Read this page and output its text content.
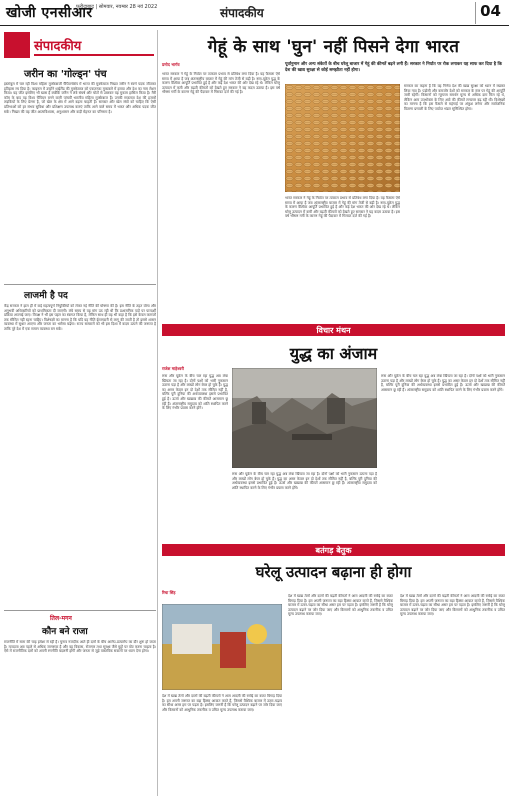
खोजी एनसीआर
फरीदाबाद | सोमवार, नवम्बर 28 नवं 2022	संपादकीय	04
संपादकीय
जरीन का 'गोल्ड्न' पंच
इस्तांबुल में चल रही विश्व महिला मुक्केबाजी चैंपियनशिप में भारत की मुक्केबाज निखत जरीन ने स्वर्ण पदक जीतकर इतिहास रच दिया है। फाइनल में उन्होंने थाईलैंड की मुक्केबाज को एकतरफा मुकाबले में हराया और देश का नाम रोशन किया। यह जीत इसलिए भी खास है क्योंकि जरीन ने लंबे संघर्ष और चोटों से उबरकर यह मुकाम हासिल किया है। मैरी कॉम के बाद वह विश्व चैंपियन बनने वाली पांचवीं भारतीय महिला मुक्केबाज हैं। उनकी सफलता देश की हजारों लड़कियों के लिए प्रेरणा है, जो खेल के क्षेत्र में आगे बढ़ना चाहती हैं। सरकार और खेल संघों को चाहिए कि ऐसी प्रतिभाओं को हर संभव सुविधा और प्रशिक्षण उपलब्ध कराएं ताकि आने वाले समय में भारत और अधिक पदक जीत सके। निखत की यह जीत आत्मविश्वास, अनुशासन और कड़ी मेहनत का परिणाम है।
लाजमी है पद
केंद्र सरकार ने हाल ही में कई महत्वपूर्ण नियुक्तियों को लेकर नई नीति की घोषणा की है। इस नीति के तहत योग्य और अनुभवी अधिकारियों को प्राथमिकता दी जाएगी। लंबे समय से यह मांग उठ रही थी कि प्रशासनिक पदों पर पारदर्शी प्रक्रिया अपनाई जाए। विपक्ष ने भी इस पहल का स्वागत किया है, लेकिन साथ ही यह भी कहा है कि इसे केवल कागजों तक सीमित नहीं रहना चाहिए। विशेषज्ञों का मानना है कि यदि यह नीति ईमानदारी से लागू की जाती है तो इससे शासन व्यवस्था में सुधार आएगा और जनता का भरोसा बढ़ेगा। राज्य सरकारों को भी इस दिशा में कदम उठाने की जरूरत है ताकि पूरे देश में एक समान व्यवस्था बन सके।
तिल-मगन
कौन बने राजा
राजनीति में सत्ता की चाह हमेशा से रही है। चुनाव नजदीक आते ही दलों के बीच आरोप-प्रत्यारोप का दौर शुरू हो जाता है। मतदाता अब पहले से अधिक जागरूक है और वह विकास, रोजगार तथा सुरक्षा जैसे मुद्दों पर वोट करना चाहता है। ऐसे में राजनीतिक दलों को अपनी रणनीति बदलनी होगी और जनता से जुड़े वास्तविक सवालों पर ध्यान देना होगा।
गेहूं के साथ 'घुन' नहीं पिसने देगा भारत
प्रमोद भार्गव	पूर्वानुमान और अन्य संकेतों के बीच घरेलू बाजार में गेहूं की कीमतें बढ़ने लगी हैं। सरकार ने निर्यात पर रोक लगाकर यह साफ कर दिया है कि देश की खाद्य सुरक्षा से कोई समझौता नहीं होगा।
भारत सरकार ने गेहूं के निर्यात पर तत्काल प्रभाव से प्रतिबंध लगा दिया है। यह फैसला ऐसे समय में आया है जब अंतरराष्ट्रीय बाजार में गेहूं की मांग तेजी से बढ़ी है। रूस-यूक्रेन युद्ध के कारण वैश्विक आपूर्ति प्रभावित हुई है और कई देश भारत की ओर देख रहे थे। लेकिन घरेलू उत्पादन में कमी और बढ़ती कीमतों को देखते हुए सरकार ने यह कदम उठाया है। इस वर्ष भीषण गर्मी के कारण गेहूं की पैदावार में गिरावट दर्ज की गई है।
सरकार का कहना है कि यह निर्णय देश की खाद्य सुरक्षा को ध्यान में रखकर लिया गया है। पड़ोसी और कमजोर देशों को सरकार के स्तर पर गेहूं की आपूर्ति जारी रहेगी। किसानों को न्यूनतम समर्थन मूल्य से अधिक दाम मिल रहे थे, लेकिन आम उपभोक्ता के लिए आटे की कीमतें लगातार बढ़ रही थीं। विशेषज्ञों का मानना है कि इस फैसले से महंगाई पर अंकुश लगेगा और सार्वजनिक वितरण प्रणाली के लिए पर्याप्त भंडार सुनिश्चित होगा।
भारत सरकार ने गेहूं के निर्यात पर तत्काल प्रभाव से प्रतिबंध लगा दिया है। यह फैसला ऐसे समय में आया है जब अंतरराष्ट्रीय बाजार में गेहूं की मांग तेजी से बढ़ी है। रूस-यूक्रेन युद्ध के कारण वैश्विक आपूर्ति प्रभावित हुई है और कई देश भारत की ओर देख रहे थे। लेकिन घरेलू उत्पादन में कमी और बढ़ती कीमतों को देखते हुए सरकार ने यह कदम उठाया है। इस वर्ष भीषण गर्मी के कारण गेहूं की पैदावार में गिरावट दर्ज की गई है।
विचार मंथन
युद्ध का अंजाम
राजेश माहेश्वरी
रूस और यूक्रेन के बीच चल रहा युद्ध अब लंबा खिंचता जा रहा है। दोनों पक्षों को भारी नुकसान उठाना पड़ा है और लाखों लोग बेघर हो चुके हैं। युद्ध का असर केवल इन दो देशों तक सीमित नहीं है, बल्कि पूरी दुनिया की अर्थव्यवस्था इससे प्रभावित हुई है। ऊर्जा और खाद्यान्न की कीमतें आसमान छू रही हैं। अंतरराष्ट्रीय समुदाय को शांति स्थापित करने के लिए गंभीर प्रयास करने होंगे।
रूस और यूक्रेन के बीच चल रहा युद्ध अब लंबा खिंचता जा रहा है। दोनों पक्षों को भारी नुकसान उठाना पड़ा है और लाखों लोग बेघर हो चुके हैं। युद्ध का असर केवल इन दो देशों तक सीमित नहीं है, बल्कि पूरी दुनिया की अर्थव्यवस्था इससे प्रभावित हुई है। ऊर्जा और खाद्यान्न की कीमतें आसमान छू रही हैं। अंतरराष्ट्रीय समुदाय को शांति स्थापित करने के लिए गंभीर प्रयास करने होंगे।
रूस और यूक्रेन के बीच चल रहा युद्ध अब लंबा खिंचता जा रहा है। दोनों पक्षों को भारी नुकसान उठाना पड़ा है और लाखों लोग बेघर हो चुके हैं। युद्ध का असर केवल इन दो देशों तक सीमित नहीं है, बल्कि पूरी दुनिया की अर्थव्यवस्था इससे प्रभावित हुई है। ऊर्जा और खाद्यान्न की कीमतें आसमान छू रही हैं। अंतरराष्ट्रीय समुदाय को शांति स्थापित करने के लिए गंभीर प्रयास करने होंगे।
बतंगड़ बेतुक
घरेलू उत्पादन बढ़ाना ही होगा
रिचा सिंह
देश में खाद्य तेलों और दालों की बढ़ती कीमतों ने आम आदमी की रसोई का बजट बिगाड़ दिया है। हम अपनी जरूरत का बड़ा हिस्सा आयात करते हैं, जिससे वैश्विक बाजार में उतार-चढ़ाव का सीधा असर हम पर पड़ता है। इसलिए जरूरी है कि घरेलू उत्पादन बढ़ाने पर जोर दिया जाए और किसानों को आधुनिक तकनीक व उचित मूल्य उपलब्ध कराया जाए।
देश में खाद्य तेलों और दालों की बढ़ती कीमतों ने आम आदमी की रसोई का बजट बिगाड़ दिया है। हम अपनी जरूरत का बड़ा हिस्सा आयात करते हैं, जिससे वैश्विक बाजार में उतार-चढ़ाव का सीधा असर हम पर पड़ता है। इसलिए जरूरी है कि घरेलू उत्पादन बढ़ाने पर जोर दिया जाए और किसानों को आधुनिक तकनीक व उचित मूल्य उपलब्ध कराया जाए।
देश में खाद्य तेलों और दालों की बढ़ती कीमतों ने आम आदमी की रसोई का बजट बिगाड़ दिया है। हम अपनी जरूरत का बड़ा हिस्सा आयात करते हैं, जिससे वैश्विक बाजार में उतार-चढ़ाव का सीधा असर हम पर पड़ता है। इसलिए जरूरी है कि घरेलू उत्पादन बढ़ाने पर जोर दिया जाए और किसानों को आधुनिक तकनीक व उचित मूल्य उपलब्ध कराया जाए।
